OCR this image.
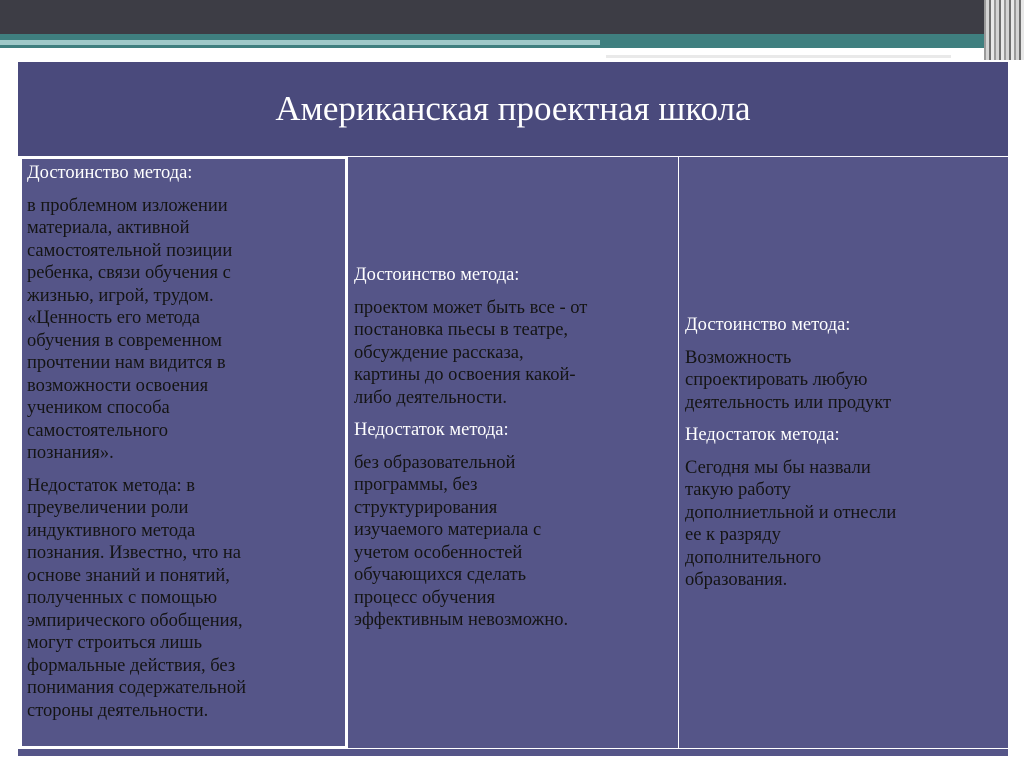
Американская проектная школа

Достоинство метода:

в проблемном изложении
материала, активной
самостоятельной позиции
ребенка, связи обучения с
жизнью, игрой, трудом.
«Ценность его метода
обучения в современном
прочтении нам видится в
возможности освоения
учеником способа
самостоятельного
познания».

Недостаток метода: в
преувеличении роли
индуктивного метода
познания. Известно, что на
основе знаний и понятий,
полученных с помощью
эмпирического обобщения,
могут строиться лишь
формальные действия, без
понимания содержательной
стороны деятельности.

Достоинство метода:

проектом может быть все - от
постановка пьесы в театре,
обсуждение рассказа,
картины до освоения какой-
либо деятельности.

Недостаток метода:

без образовательной
программы, без
структурирования
изучаемого материала с
учетом особенностей
обучающихся сделать
процесс обучения
эффективным невозможно.

Достоинство метода:

Возможность
спроектировать любую
деятельность или продукт

Недостаток метода:

Сегодня мы бы назвали
такую работу
дополниетльной и отнесли
ее к разряду
дополнительного
образования.
